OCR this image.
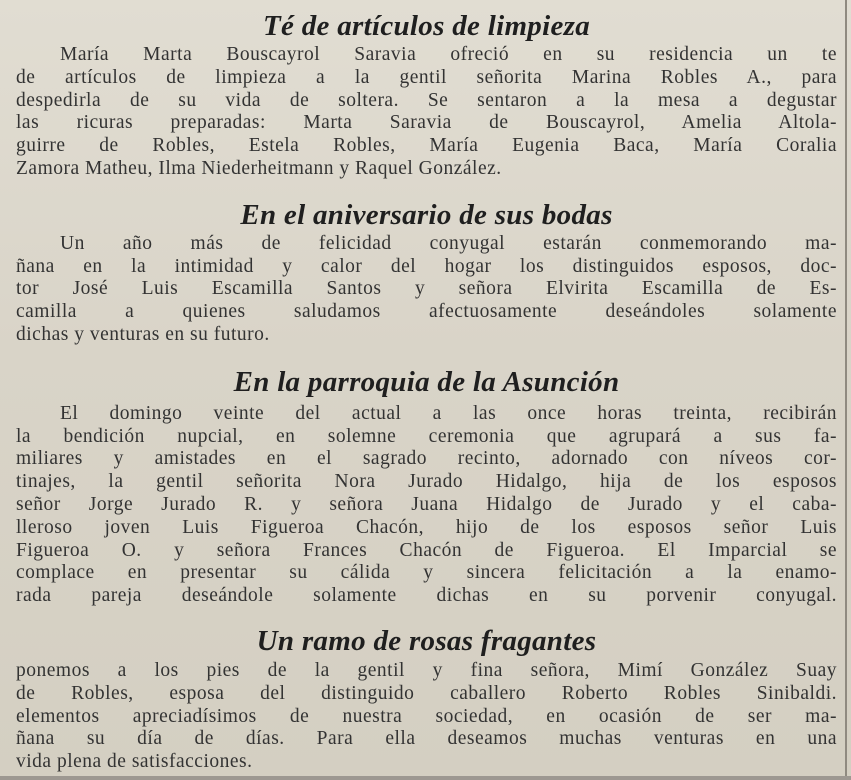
Té de artículos de limpieza
María Marta Bouscayrol Saravia ofreció en su residencia un te
de artículos de limpieza a la gentil señorita Marina Robles A., para
despedirla de su vida de soltera. Se sentaron a la mesa a degustar
las ricuras preparadas: Marta Saravia de Bouscayrol, Amelia Altola-
guirre de Robles, Estela Robles, María Eugenia Baca, María Coralia
Zamora Matheu, Ilma Niederheitmann y Raquel González.
En el aniversario de sus bodas
Un año más de felicidad conyugal estarán conmemorando ma-
ñana en la intimidad y calor del hogar los distinguidos esposos, doc-
tor José Luis Escamilla Santos y señora Elvirita Escamilla de Es-
camilla a quienes saludamos afectuosamente deseándoles solamente
dichas y venturas en su futuro.
En la parroquia de la Asunción
El domingo veinte del actual a las once horas treinta, recibirán
la bendición nupcial, en solemne ceremonia que agrupará a sus fa-
miliares y amistades en el sagrado recinto, adornado con níveos cor-
tinajes, la gentil señorita Nora Jurado Hidalgo, hija de los esposos
señor Jorge Jurado R. y señora Juana Hidalgo de Jurado y el caba-
lleroso joven Luis Figueroa Chacón, hijo de los esposos señor Luis
Figueroa O. y señora Frances Chacón de Figueroa. El Imparcial se
complace en presentar su cálida y sincera felicitación a la enamo-
rada pareja deseándole solamente dichas en su porvenir conyugal.
Un ramo de rosas fragantes
ponemos a los pies de la gentil y fina señora, Mimí González Suay
de Robles, esposa del distinguido caballero Roberto Robles Sinibaldi.
elementos apreciadísimos de nuestra sociedad, en ocasión de ser ma-
ñana su día de días. Para ella deseamos muchas venturas en una
vida plena de satisfacciones.
